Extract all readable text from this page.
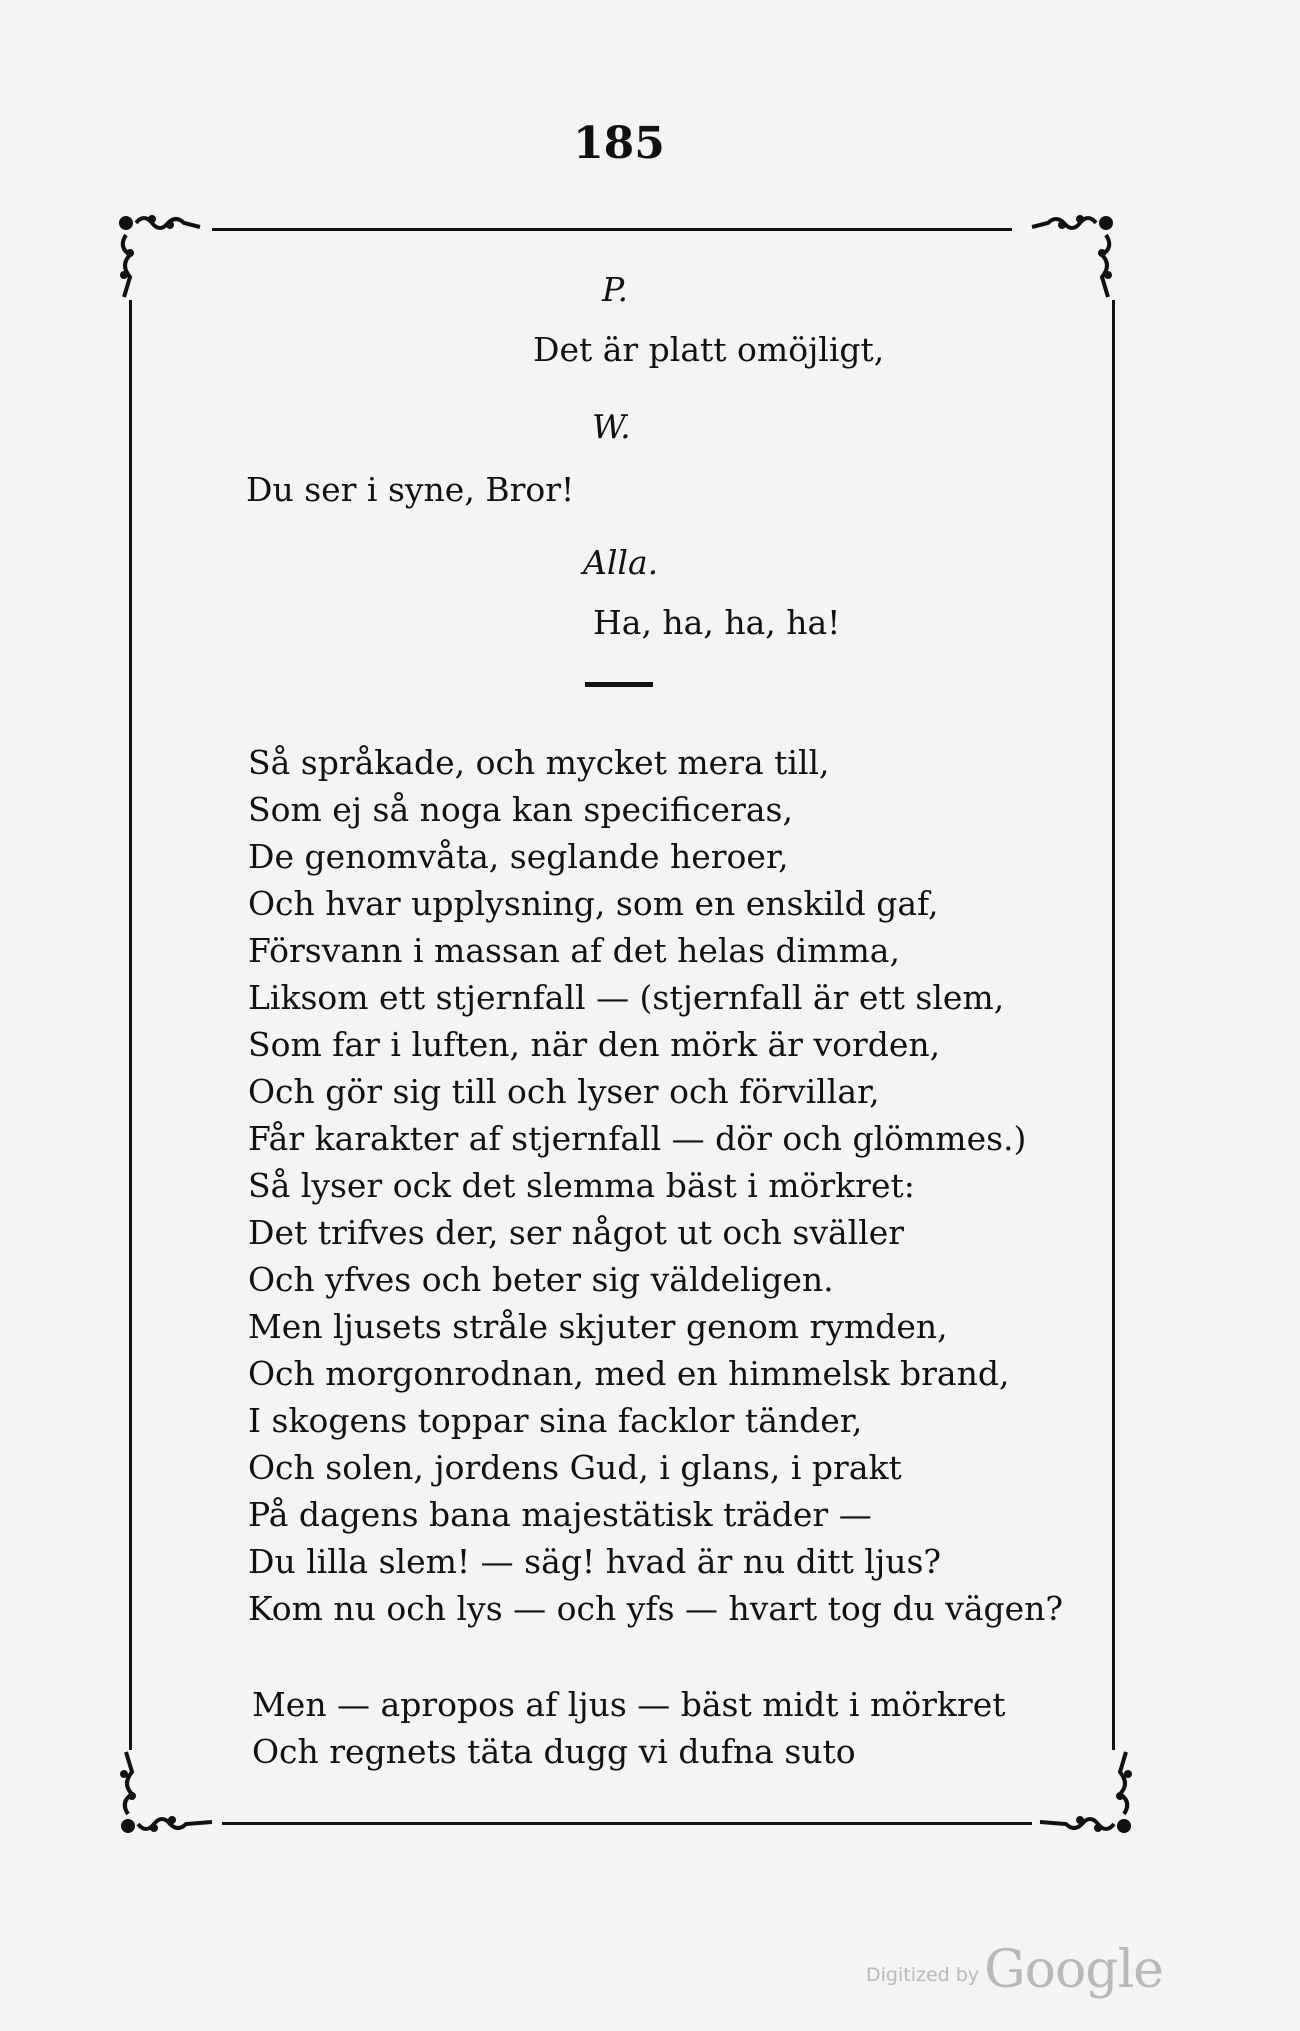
185
P.
Det är platt omöjligt,
W.
Du ser i syne, Bror!
Alla.
Ha, ha, ha, ha!
Så språkade, och mycket mera till,
Som ej så noga kan specificeras,
De genomvåta, seglande heroer,
Och hvar upplysning, som en enskild gaf,
Försvann i massan af det helas dimma,
Liksom ett stjernfall — (stjernfall är ett slem,
Som far i luften, när den mörk är vorden,
Och gör sig till och lyser och förvillar,
Får karakter af stjernfall — dör och glömmes.)
Så lyser ock det slemma bäst i mörkret:
Det trifves der, ser något ut och sväller
Och yfves och beter sig väldeligen.
Men ljusets stråle skjuter genom rymden,
Och morgonrodnan, med en himmelsk brand,
I skogens toppar sina facklor tänder,
Och solen, jordens Gud, i glans, i prakt
På dagens bana majestätisk träder —
Du lilla slem! — säg! hvad är nu ditt ljus?
Kom nu och lys — och yfs — hvart tog du vägen?
Men — apropos af ljus — bäst midt i mörkret
Och regnets täta dugg vi dufna suto
Digitized by Google
